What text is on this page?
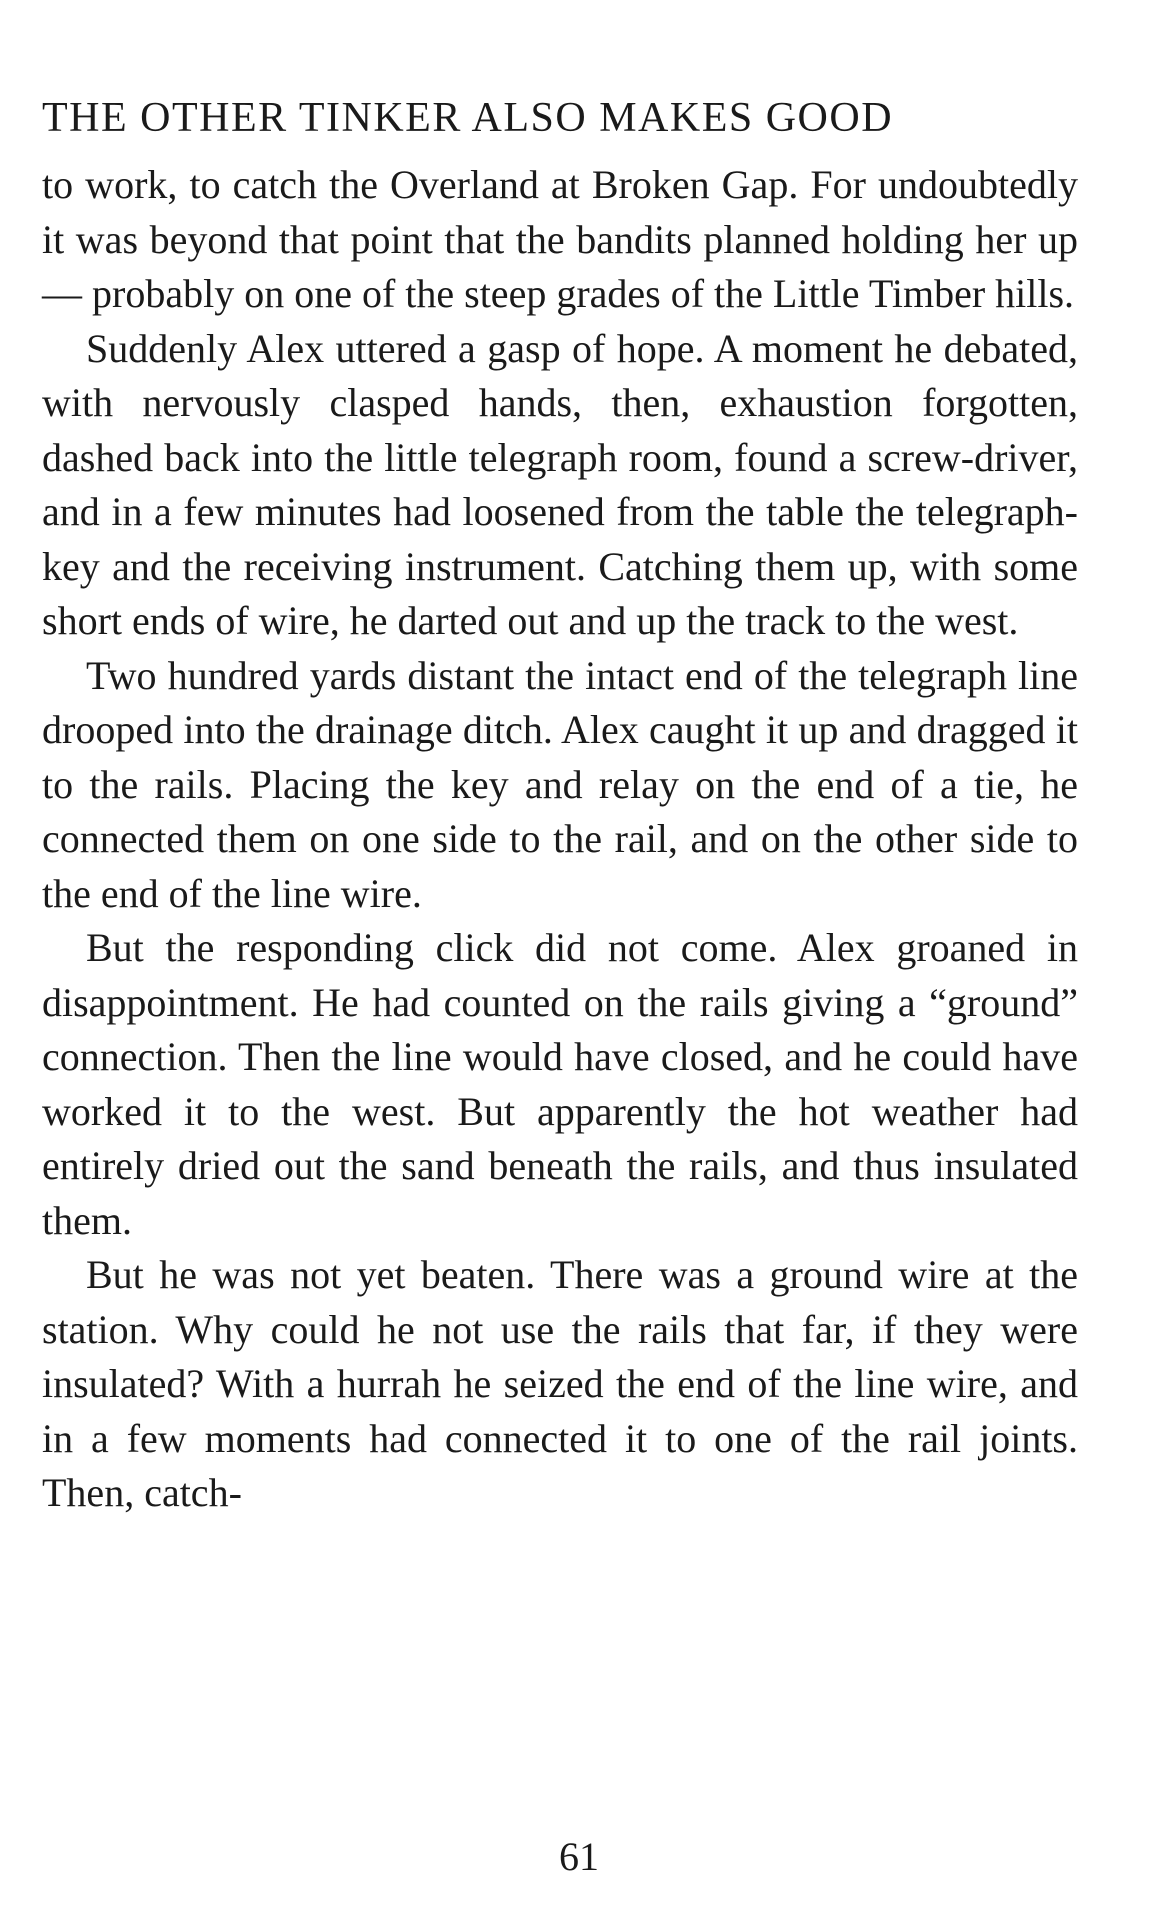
THE OTHER TINKER ALSO MAKES GOOD

to work, to catch the Overland at Broken Gap. For undoubtedly it was beyond that point that the bandits planned holding her up — probably on one of the steep grades of the Little Timber hills.

Suddenly Alex uttered a gasp of hope. A moment he debated, with nervously clasped hands, then, exhaustion forgotten, dashed back into the little telegraph room, found a screw-driver, and in a few minutes had loosened from the table the telegraph-key and the receiving instrument. Catching them up, with some short ends of wire, he darted out and up the track to the west.

Two hundred yards distant the intact end of the telegraph line drooped into the drainage ditch. Alex caught it up and dragged it to the rails. Placing the key and relay on the end of a tie, he connected them on one side to the rail, and on the other side to the end of the line wire.

But the responding click did not come. Alex groaned in disappointment. He had counted on the rails giving a “ground” connection. Then the line would have closed, and he could have worked it to the west. But apparently the hot weather had entirely dried out the sand beneath the rails, and thus insulated them.

But he was not yet beaten. There was a ground wire at the station. Why could he not use the rails that far, if they were insulated? With a hurrah he seized the end of the line wire, and in a few moments had connected it to one of the rail joints. Then, catch-

61
